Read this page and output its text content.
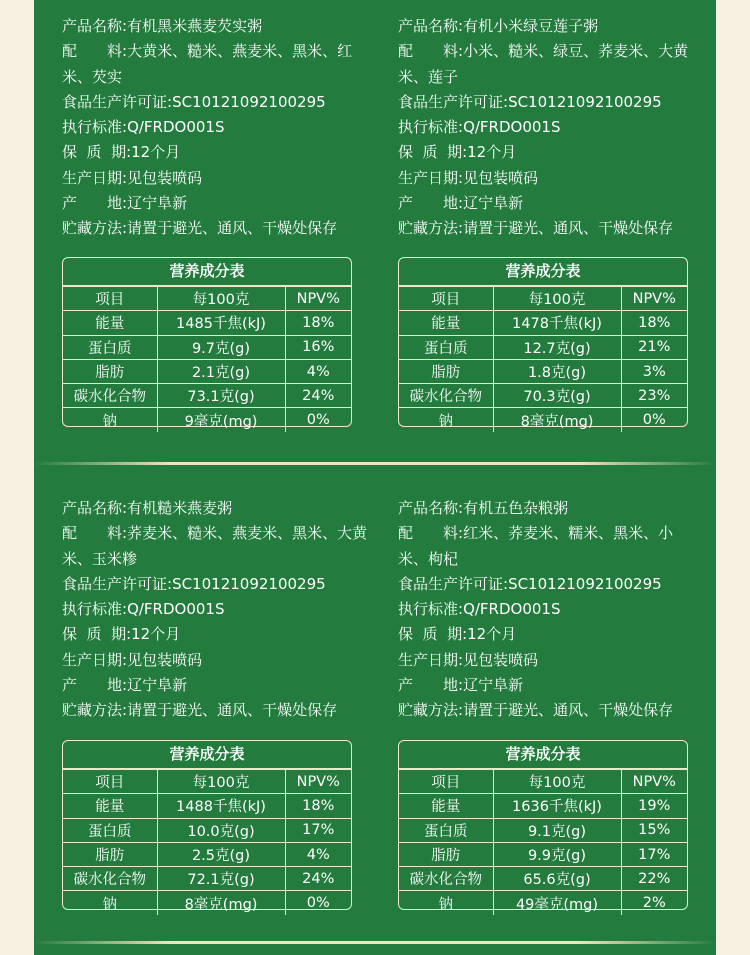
产品名称:有机黑米燕麦芡实粥
配　　料:大黄米、糙米、燕麦米、黑米、红米、芡实
食品生产许可证:SC10121092100295
执行标准:Q/FRDO001S
保  质  期:12个月
生产日期:见包装喷码
产　　地:辽宁阜新
贮藏方法:请置于避光、通风、干燥处保存
营养成分表
项目	每100克	NPV%
能量	1485千焦(kJ)	18%
蛋白质	9.7克(g)	16%
脂肪	2.1克(g)	4%
碳水化合物	73.1克(g)	24%
钠	9毫克(mg)	0%
产品名称:有机小米绿豆莲子粥
配　　料:小米、糙米、绿豆、荞麦米、大黄米、莲子
食品生产许可证:SC10121092100295
执行标准:Q/FRDO001S
保  质  期:12个月
生产日期:见包装喷码
产　　地:辽宁阜新
贮藏方法:请置于避光、通风、干燥处保存
营养成分表
项目	每100克	NPV%
能量	1478千焦(kJ)	18%
蛋白质	12.7克(g)	21%
脂肪	1.8克(g)	3%
碳水化合物	70.3克(g)	23%
钠	8毫克(mg)	0%
产品名称:有机糙米燕麦粥
配　　料:荞麦米、糙米、燕麦米、黑米、大黄米、玉米糁
食品生产许可证:SC10121092100295
执行标准:Q/FRDO001S
保  质  期:12个月
生产日期:见包装喷码
产　　地:辽宁阜新
贮藏方法:请置于避光、通风、干燥处保存
营养成分表
项目	每100克	NPV%
能量	1488千焦(kJ)	18%
蛋白质	10.0克(g)	17%
脂肪	2.5克(g)	4%
碳水化合物	72.1克(g)	24%
钠	8毫克(mg)	0%
产品名称:有机五色杂粮粥
配　　料:红米、荞麦米、糯米、黑米、小米、枸杞
食品生产许可证:SC10121092100295
执行标准:Q/FRDO001S
保  质  期:12个月
生产日期:见包装喷码
产　　地:辽宁阜新
贮藏方法:请置于避光、通风、干燥处保存
营养成分表
项目	每100克	NPV%
能量	1636千焦(kJ)	19%
蛋白质	9.1克(g)	15%
脂肪	9.9克(g)	17%
碳水化合物	65.6克(g)	22%
钠	49毫克(mg)	2%
